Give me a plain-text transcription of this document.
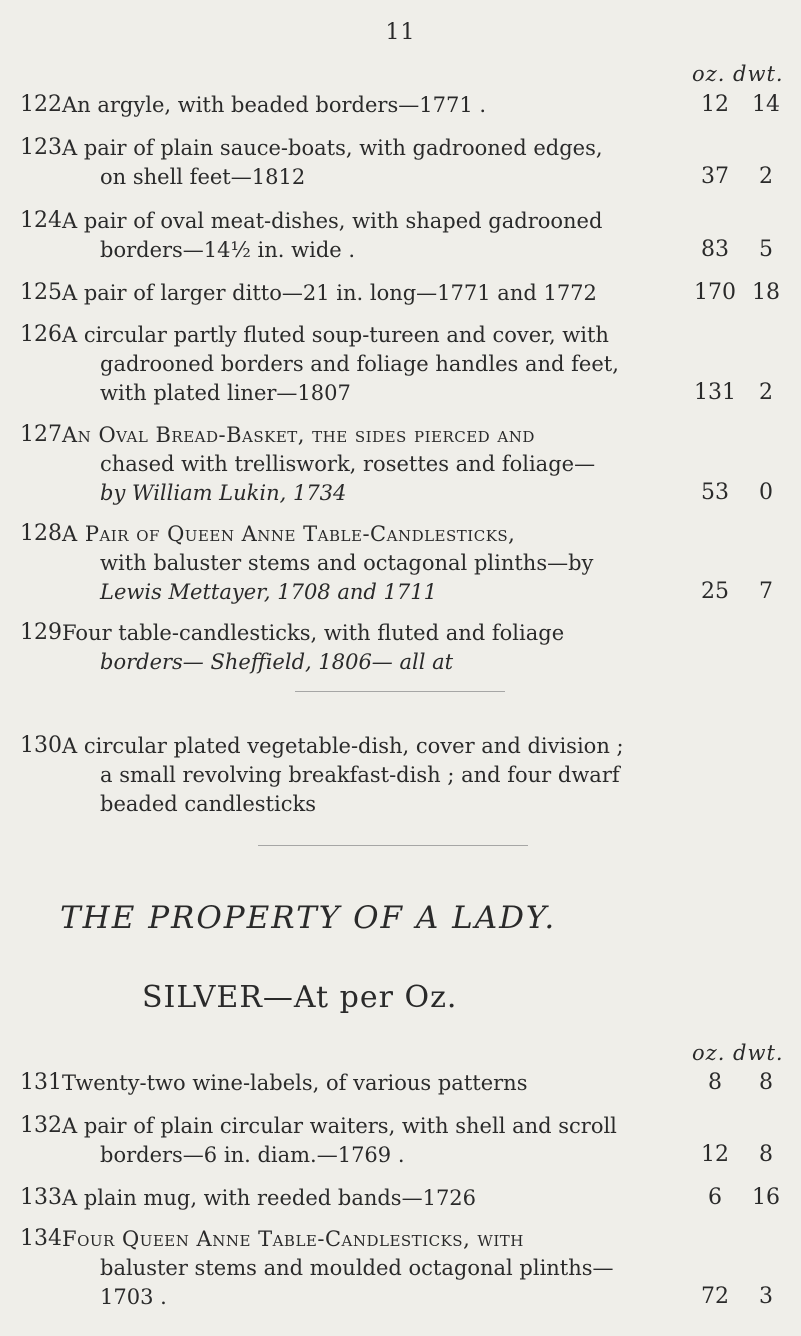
11
oz. dwt.
122 An argyle, with beaded borders—1771 .	12	14
123 A pair of plain sauce-boats, with gadrooned edges,
on shell feet—1812	37	2
124 A pair of oval meat-dishes, with shaped gadrooned
borders—14½ in. wide .	83	5
125 A pair of larger ditto—21 in. long—1771 and 1772	170 18
126 A circular partly fluted soup-tureen and cover, with
gadrooned borders and foliage handles and feet,
with plated liner—1807	131	2
127 An Oval Bread-Basket, the sides pierced and
chased with trelliswork, rosettes and foliage—
by William Lukin, 1734	53	0
128 A Pair of Queen Anne Table-Candlesticks,
with baluster stems and octagonal plinths—by
Lewis Mettayer, 1708 and 1711	25	7
129 Four table-candlesticks, with fluted and foliage
borders— Sheffield, 1806— all at
130 A circular plated vegetable-dish, cover and division ;
a small revolving breakfast-dish ; and four dwarf
beaded candlesticks
THE PROPERTY OF A LADY.
SILVER—At per Oz.
oz. dwt.
131 Twenty-two wine-labels, of various patterns	8	8
132 A pair of plain circular waiters, with shell and scroll
borders—6 in. diam.—1769 .	12	8
133 A plain mug, with reeded bands—1726	6	16
134 Four Queen Anne Table-Candlesticks, with
baluster stems and moulded octagonal plinths—
1703 .	72	3
